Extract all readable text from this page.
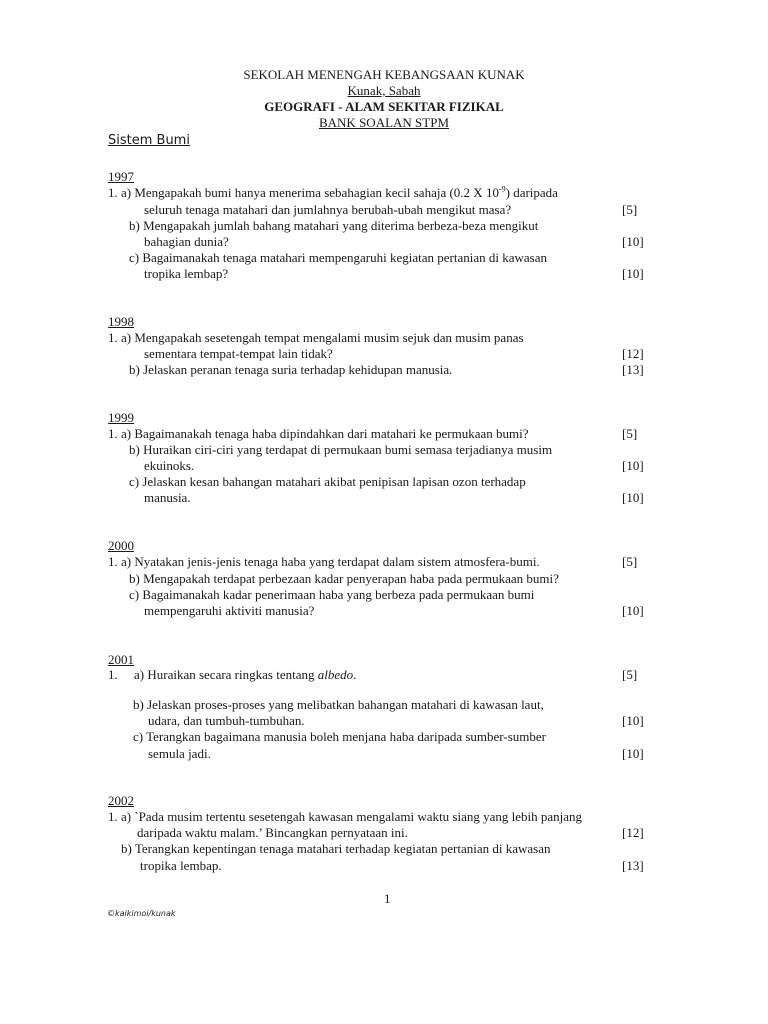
SEKOLAH MENENGAH KEBANGSAAN KUNAK
Kunak, Sabah
GEOGRAFI - ALAM SEKITAR FIZIKAL
BANK SOALAN STPM
Sistem Bumi
1997
1. a) Mengapakah bumi hanya menerima sebahagian kecil sahaja (0.2 X $10^{-9}$) daripada
seluruh tenaga matahari dan jumlahnya berubah-ubah mengikut masa?	[5]
b) Mengapakah jumlah bahang matahari yang diterima berbeza-beza mengikut
bahagian dunia?	[10]
c) Bagaimanakah tenaga matahari mempengaruhi kegiatan pertanian di kawasan
tropika lembap?	[10]
1998
1. a) Mengapakah sesetengah tempat mengalami musim sejuk dan musim panas
sementara tempat-tempat lain tidak?	[12]
b) Jelaskan peranan tenaga suria terhadap kehidupan manusia.	[13]
1999
1. a) Bagaimanakah tenaga haba dipindahkan dari matahari ke permukaan bumi?	[5]
b) Huraikan ciri-ciri yang terdapat di permukaan bumi semasa terjadianya musim
ekuinoks.	[10]
c) Jelaskan kesan bahangan matahari akibat penipisan lapisan ozon terhadap
manusia.	[10]
2000
1. a) Nyatakan jenis-jenis tenaga haba yang terdapat dalam sistem atmosfera-bumi.	[5]
b) Mengapakah terdapat perbezaan kadar penyerapan haba pada permukaan bumi?
c) Bagaimanakah kadar penerimaan haba yang berbeza pada permukaan bumi
mempengaruhi aktiviti manusia?	[10]
2001
1.     a) Huraikan secara ringkas tentang albedo.	[5]
b) Jelaskan proses-proses yang melibatkan bahangan matahari di kawasan laut,
udara, dan tumbuh-tumbuhan.	[10]
c) Terangkan bagaimana manusia boleh menjana haba daripada sumber-sumber
semula jadi.	[10]
2002
1. a) `Pada musim tertentu sesetengah kawasan mengalami waktu siang yang lebih panjang
daripada waktu malam.’ Bincangkan pernyataan ini.	[12]
b) Terangkan kepentingan tenaga matahari terhadap kegiatan pertanian di kawasan
tropika lembap.	[13]
1
©kaikimoi/kunak
